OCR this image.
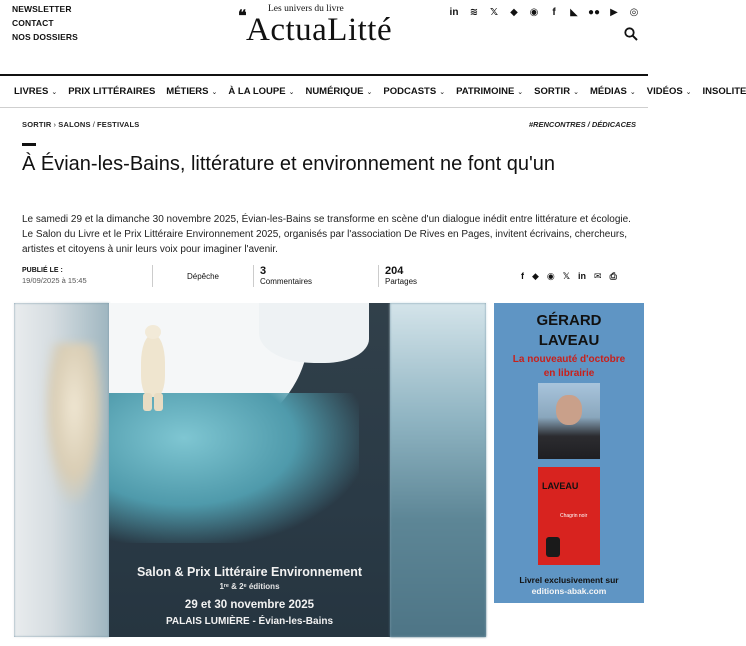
NEWSLETTER
CONTACT
NOS DOSSIERS
❝ Les univers du livre
ActuaLitté	in ≋ 𝕏 ◆ ◉	f	◣ ●● ▶ ◎
LIVRES ⌄ PRIX LITTÉRAIRES MÉTIERS ⌄ À LA LOUPE ⌄ NUMÉRIQUE ⌄ PODCASTS ⌄ PATRIMOINE ⌄ SORTIR ⌄ MÉDIAS ⌄ VIDÉOS ⌄ INSOLITE
SORTIR › SALONS / FESTIVALS	#RENCONTRES / DÉDICACES
À Évian-les-Bains, littérature et environnement ne font qu'un

Le samedi 29 et la dimanche 30 novembre 2025, Évian-les-Bains se transforme en scène d'un dialogue inédit entre littérature et écologie. Le Salon du Livre et le Prix Littéraire Environnement 2025, organisés par l'association De Rives en Pages, invitent écrivains, chercheurs, artistes et citoyens à unir leurs voix pour imaginer l'avenir.

PUBLIÉ LE :
19/09/2025 à 15:45	Dépêche	3
Commentaires
204
Partages
f ◆ ◉ 𝕏 in ✉ ⎙
Salon & Prix Littéraire Environnement
1ʳᵉ & 2ᵉ éditions
29 et 30 novembre 2025
PALAIS LUMIÈRE - Évian-les-Bains
GÉRARD
LAVEAU
La nouveauté d'octobre
en librairie
LAVEAU
Chagrin noir
Livrel exclusivement sur
editions-abak.com
